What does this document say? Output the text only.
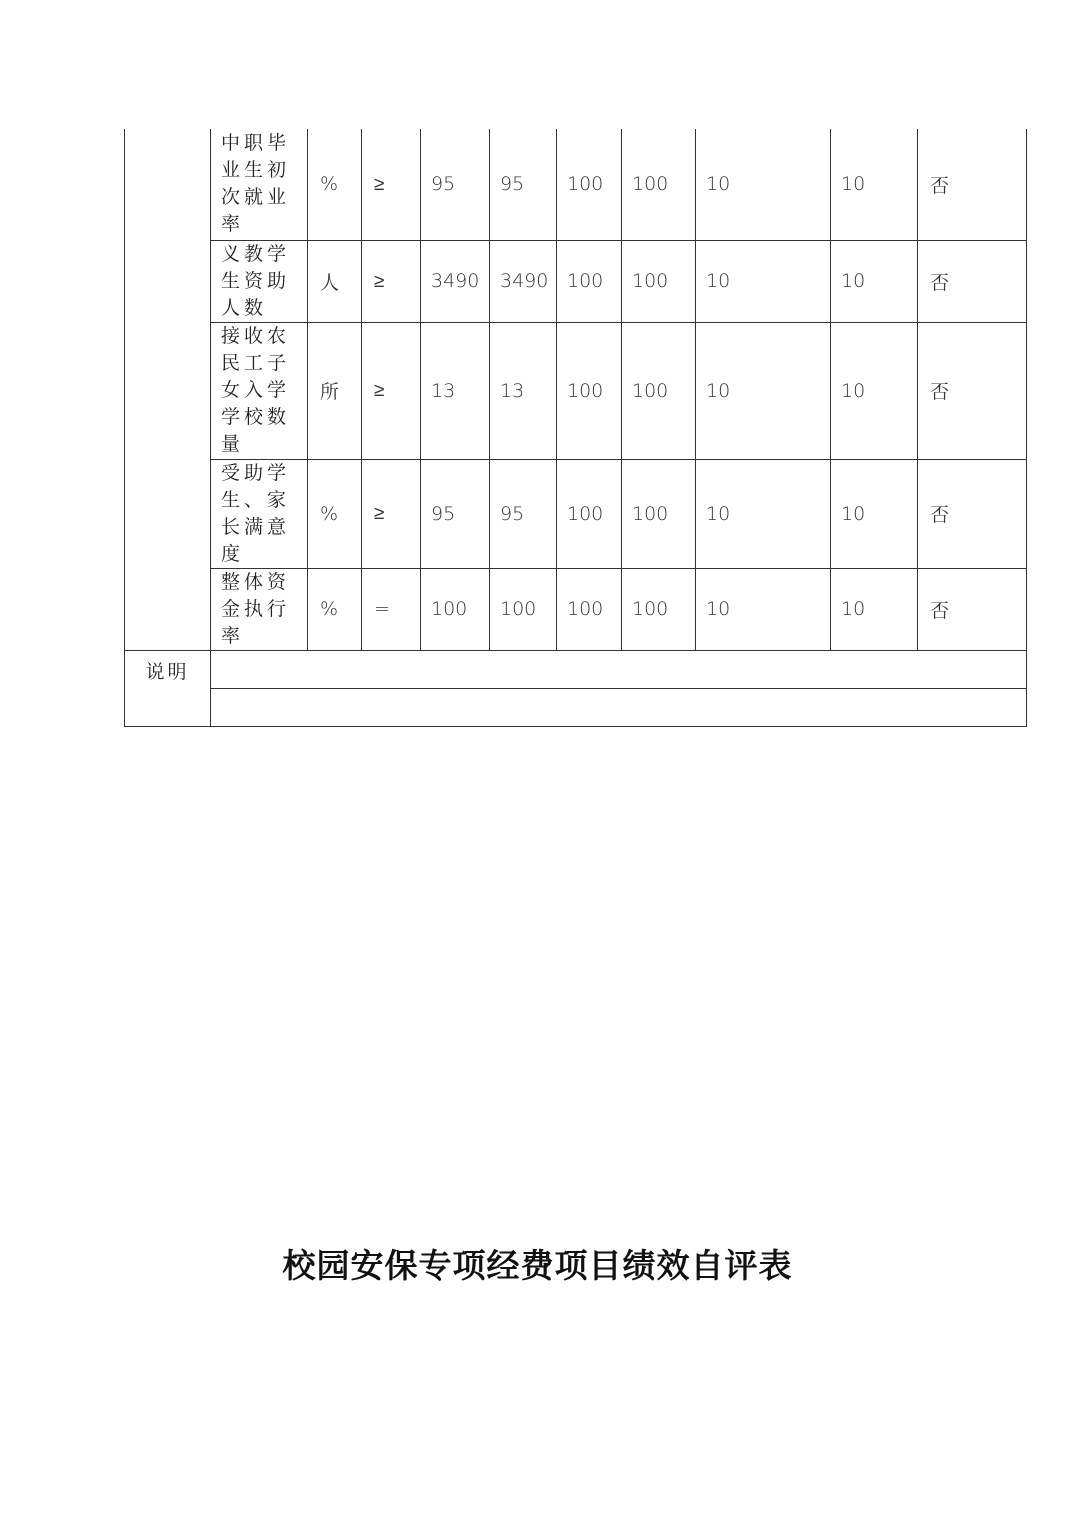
	中职毕
业生初
次就业
率	%	≥	95	95	100	100	10	10	否

	义教学
生资助
人数	人	≥	3490	3490	100	100	10	10	否

	接收农
民工子
女入学
学校数
量	所	≥	13	13	100	100	10	10	否

	受助学
生、家
长满意
度	%	≥	95	95	100	100	10	10	否

	整体资
金执行
率	%	=	100	100	100	100	10	10	否
说明										

校园安保专项经费项目绩效自评表
